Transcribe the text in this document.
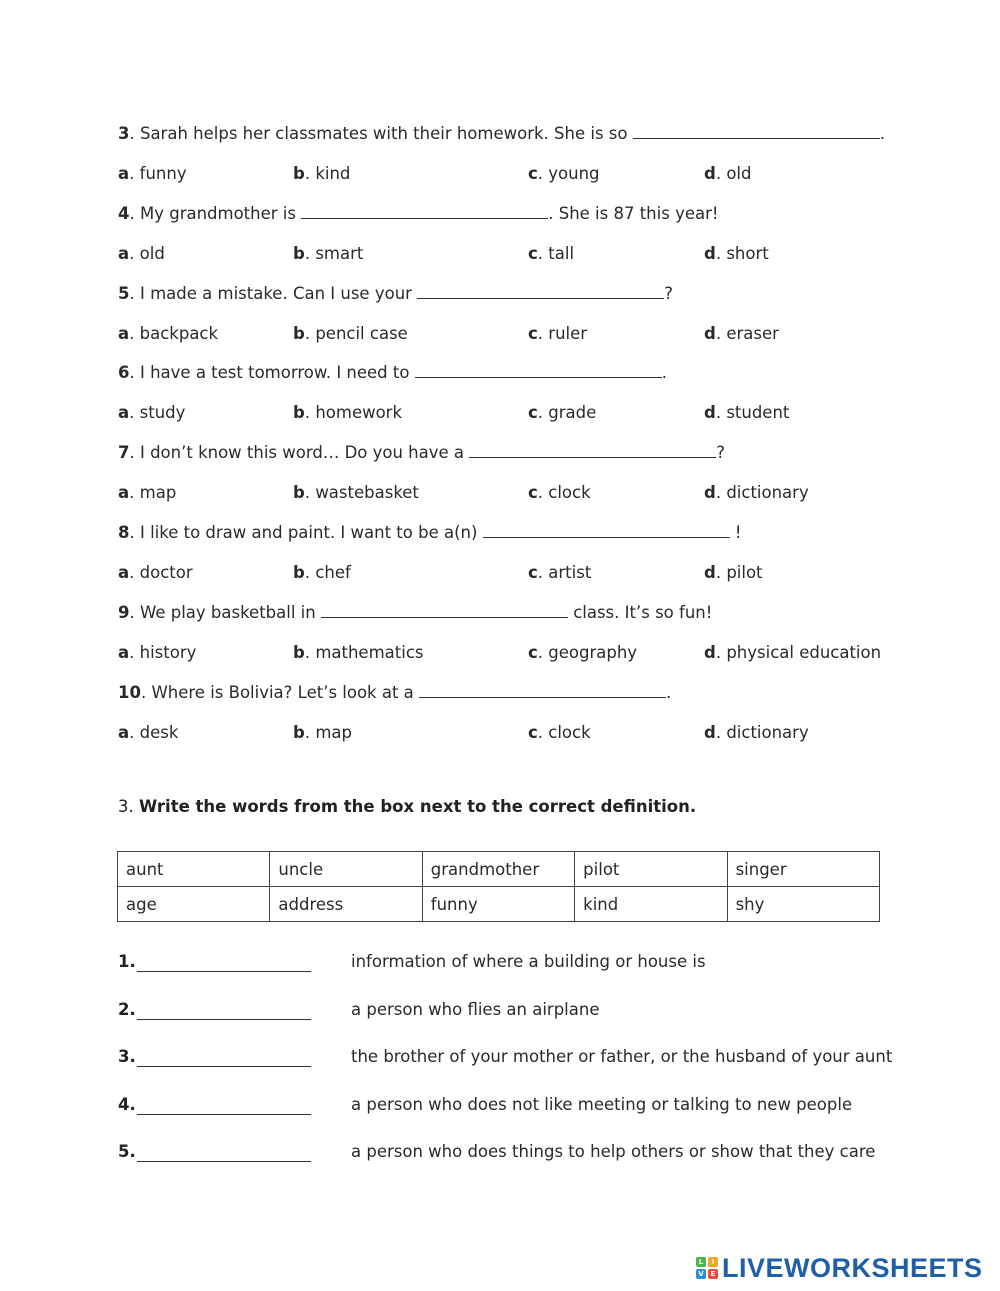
3. Sarah helps her classmates with their homework. She is so	.
a. funny	b. kind	c. young	d. old
4. My grandmother is	. She is 87 this year!
a. old	b. smart	c. tall	d. short
5. I made a mistake. Can I use your	?
a. backpack	b. pencil case	c. ruler	d. eraser
6. I have a test tomorrow. I need to	.
a. study	b. homework	c. grade	d. student
7. I don’t know this word… Do you have a	?
a. map	b. wastebasket	c. clock	d. dictionary
8. I like to draw and paint. I want to be a(n)	!
a. doctor	b. chef	c. artist	d. pilot
9. We play basketball in	class. It’s so fun!
a. history	b. mathematics	c. geography	d. physical education
10. Where is Bolivia? Let’s look at a	.
a. desk	b. map	c. clock	d. dictionary
3. Write the words from the box next to the correct definition.
aunt	uncle	grandmother	pilot	singer
age	address	funny	kind	shy
1.	information of where a building or house is
2.	a person who flies an airplane
3.	the brother of your mother or father, or the husband of your aunt
4.	a person who does not like meeting or talking to new people
5.	a person who does things to help others or show that they care
L	I
V E LIVEWORKSHEETS
